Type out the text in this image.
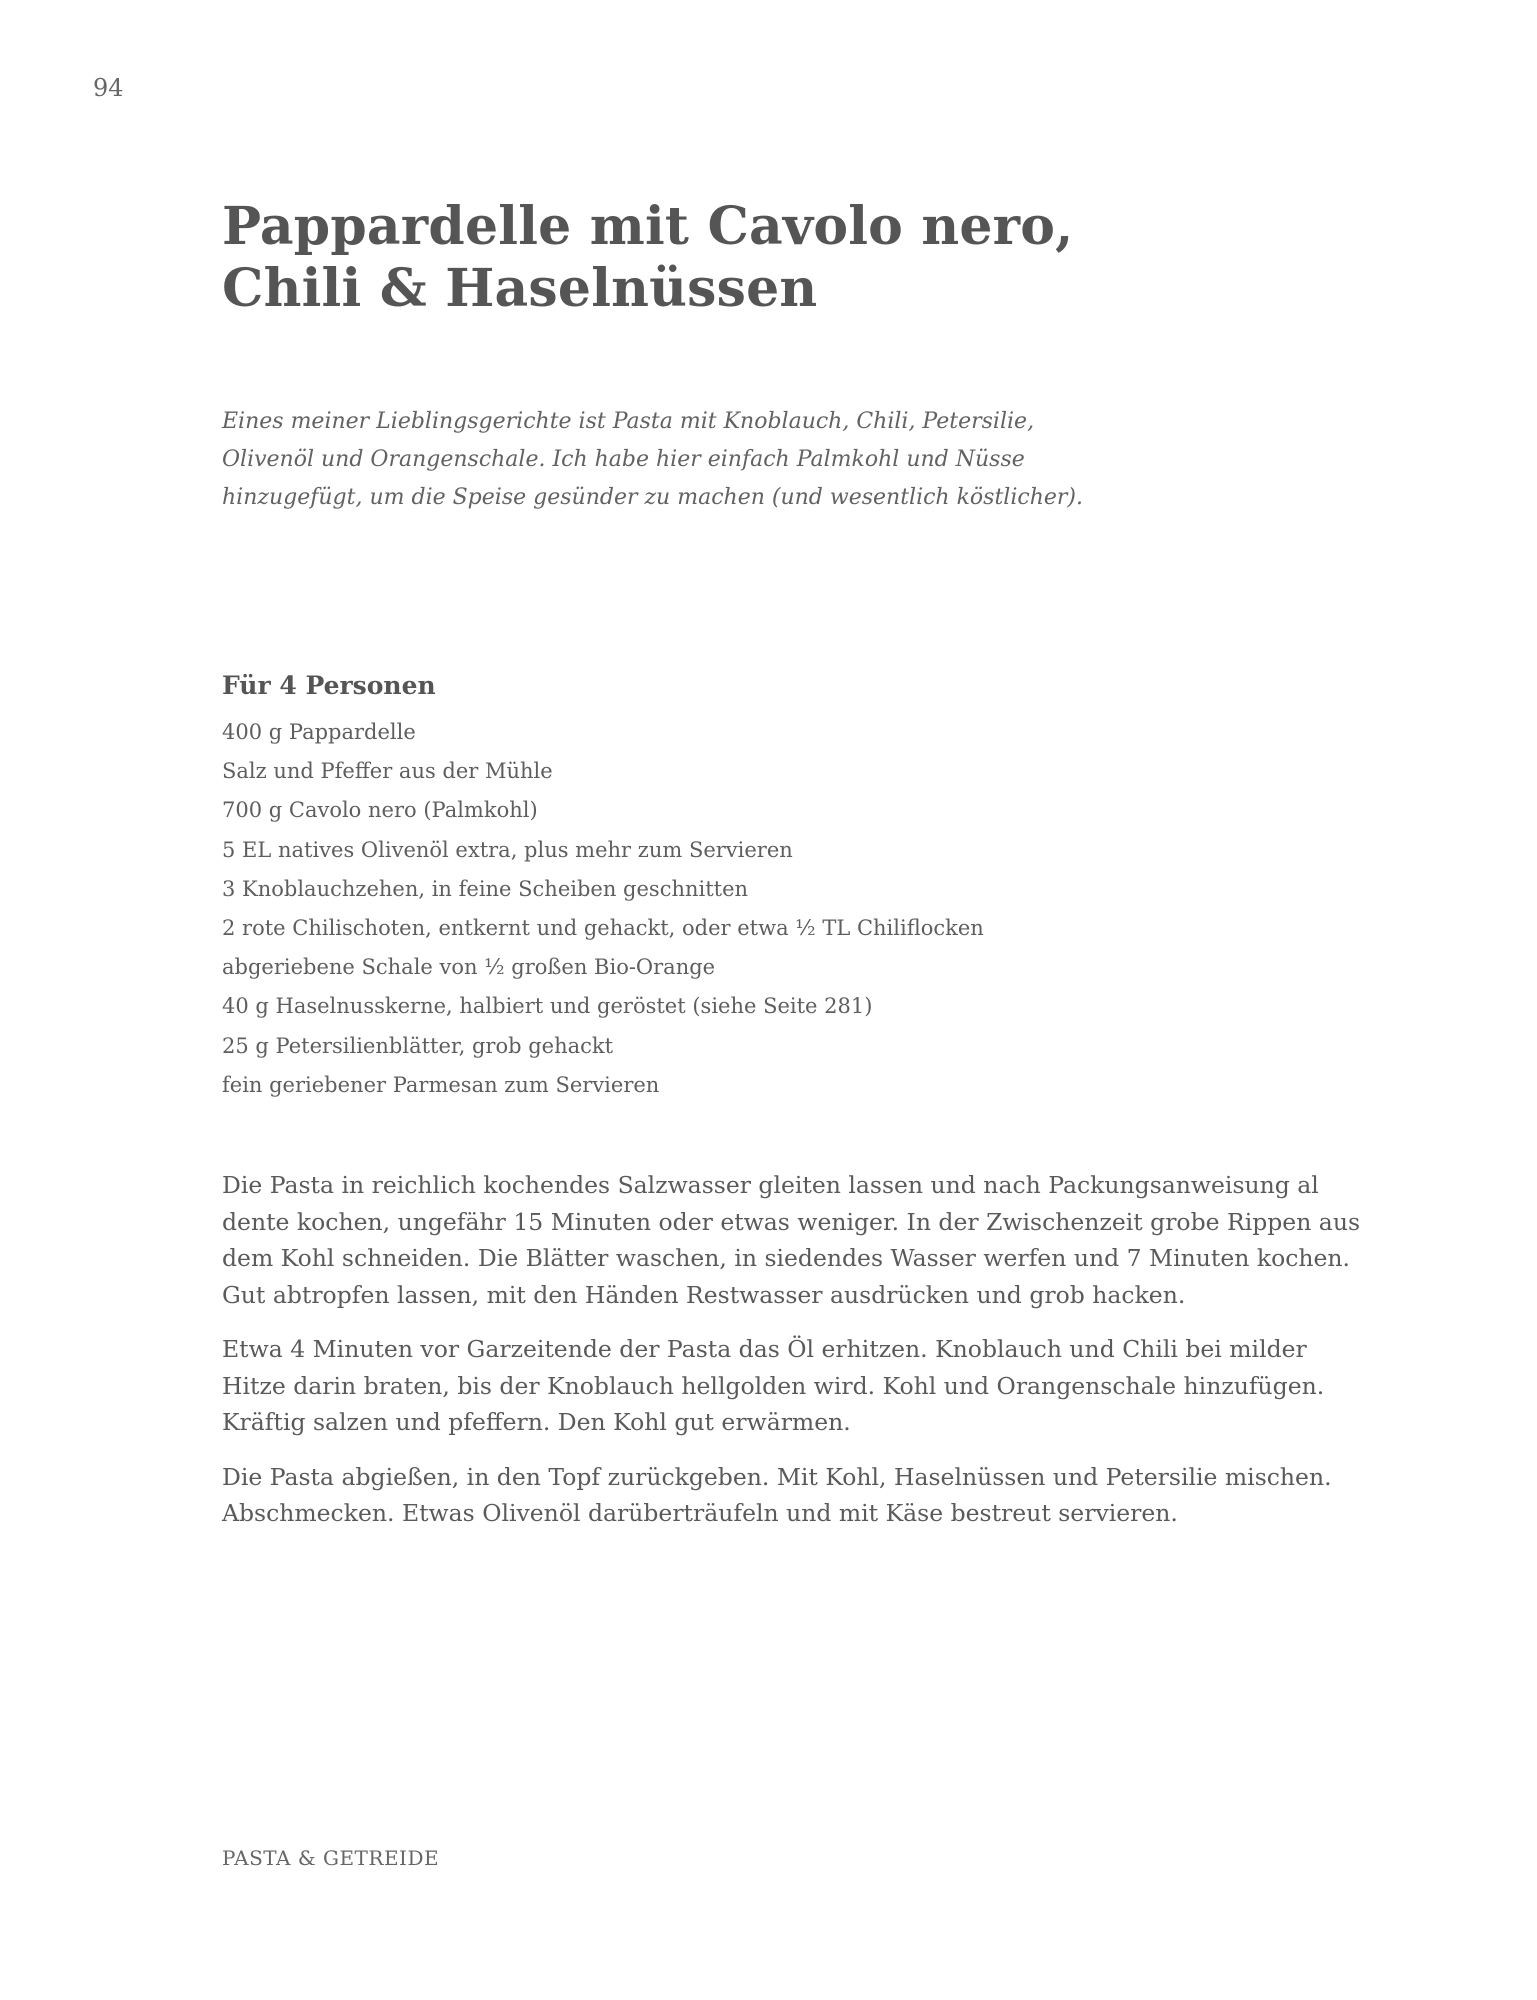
94
Pappardelle mit Cavolo nero,
Chili & Haselnüssen

Eines meiner Lieblingsgerichte ist Pasta mit Knoblauch, Chili, Petersilie,
Olivenöl und Orangenschale. Ich habe hier einfach Palmkohl und Nüsse
hinzugefügt, um die Speise gesünder zu machen (und wesentlich köstlicher).

Für 4 Personen
400 g Pappardelle
Salz und Pfeffer aus der Mühle
700 g Cavolo nero (Palmkohl)
5 EL natives Olivenöl extra, plus mehr zum Servieren
3 Knoblauchzehen, in feine Scheiben geschnitten
2 rote Chilischoten, entkernt und gehackt, oder etwa ½ TL Chiliflocken
abgeriebene Schale von ½ großen Bio-Orange
40 g Haselnusskerne, halbiert und geröstet (siehe Seite 281)
25 g Petersilienblätter, grob gehackt
fein geriebener Parmesan zum Servieren

Die Pasta in reichlich kochendes Salzwasser gleiten lassen und nach Packungsanweisung al
dente kochen, ungefähr 15 Minuten oder etwas weniger. In der Zwischenzeit grobe Rippen aus
dem Kohl schneiden. Die Blätter waschen, in siedendes Wasser werfen und 7 Minuten kochen.
Gut abtropfen lassen, mit den Händen Restwasser ausdrücken und grob hacken.

Etwa 4 Minuten vor Garzeitende der Pasta das Öl erhitzen. Knoblauch und Chili bei milder
Hitze darin braten, bis der Knoblauch hellgolden wird. Kohl und Orangenschale hinzufügen.
Kräftig salzen und pfeffern. Den Kohl gut erwärmen.

Die Pasta abgießen, in den Topf zurückgeben. Mit Kohl, Haselnüssen und Petersilie mischen.
Abschmecken. Etwas Olivenöl darüberträufeln und mit Käse bestreut servieren.

PASTA & GETREIDE
